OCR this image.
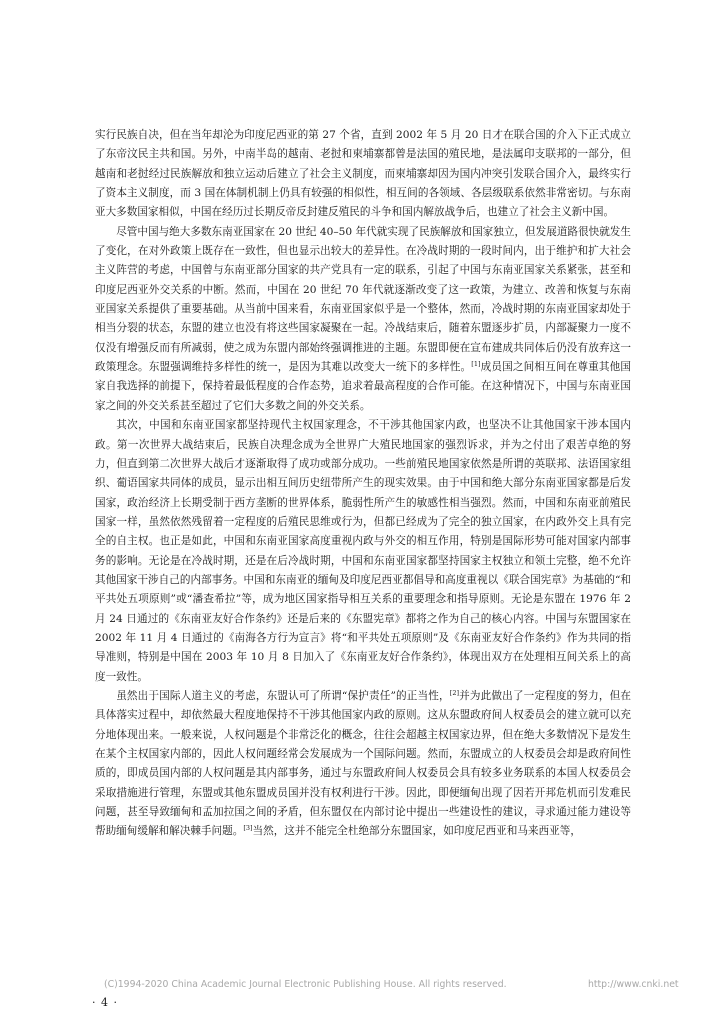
实行民族自决，但在当年却沦为印度尼西亚的第 27 个省，直到 2002 年 5 月 20 日才在联合国的介入下正式成立了东帝汶民主共和国。另外，中南半岛的越南、老挝和柬埔寨都曾是法国的殖民地，是法属印支联邦的一部分，但越南和老挝经过民族解放和独立运动后建立了社会主义制度，而柬埔寨却因为国内冲突引发联合国介入，最终实行了资本主义制度，而 3 国在体制机制上仍具有较强的相似性，相互间的各领域、各层级联系依然非常密切。与东南亚大多数国家相似，中国在经历过长期反帝反封建反殖民的斗争和国内解放战争后，也建立了社会主义新中国。

尽管中国与绝大多数东南亚国家在 20 世纪 40–50 年代就实现了民族解放和国家独立，但发展道路很快就发生了变化，在对外政策上既存在一致性，但也显示出较大的差异性。在冷战时期的一段时间内，出于维护和扩大社会主义阵营的考虑，中国曾与东南亚部分国家的共产党具有一定的联系，引起了中国与东南亚国家关系紧张，甚至和印度尼西亚外交关系的中断。然而，中国在 20 世纪 70 年代就逐渐改变了这一政策，为建立、改善和恢复与东南亚国家关系提供了重要基础。从当前中国来看，东南亚国家似乎是一个整体，然而，冷战时期的东南亚国家却处于相当分裂的状态，东盟的建立也没有将这些国家凝聚在一起。冷战结束后，随着东盟逐步扩员，内部凝聚力一度不仅没有增强反而有所减弱，使之成为东盟内部始终强调推进的主题。东盟即便在宣布建成共同体后仍没有放弃这一政策理念。东盟强调维持多样性的统一，是因为其难以改变大一统下的多样性。[1]成员国之间相互间在尊重其他国家自我选择的前提下，保持着最低程度的合作态势，追求着最高程度的合作可能。在这种情况下，中国与东南亚国家之间的外交关系甚至超过了它们大多数之间的外交关系。

其次，中国和东南亚国家都坚持现代主权国家理念，不干涉其他国家内政，也坚决不让其他国家干涉本国内政。第一次世界大战结束后，民族自决理念成为全世界广大殖民地国家的强烈诉求，并为之付出了艰苦卓绝的努力，但直到第二次世界大战后才逐渐取得了成功或部分成功。一些前殖民地国家依然是所谓的英联邦、法语国家组织、葡语国家共同体的成员，显示出相互间历史纽带所产生的现实效果。由于中国和绝大部分东南亚国家都是后发国家，政治经济上长期受制于西方垄断的世界体系，脆弱性所产生的敏感性相当强烈。然而，中国和东南亚前殖民国家一样，虽然依然残留着一定程度的后殖民思维或行为，但都已经成为了完全的独立国家，在内政外交上具有完全的自主权。也正是如此，中国和东南亚国家高度重视内政与外交的相互作用，特别是国际形势可能对国家内部事务的影响。无论是在冷战时期，还是在后冷战时期，中国和东南亚国家都坚持国家主权独立和领土完整，绝不允许其他国家干涉自己的内部事务。中国和东南亚的缅甸及印度尼西亚都倡导和高度重视以《联合国宪章》为基础的“和平共处五项原则”或“潘查希拉”等，成为地区国家指导相互关系的重要理念和指导原则。无论是东盟在 1976 年 2 月 24 日通过的《东南亚友好合作条约》还是后来的《东盟宪章》都将之作为自己的核心内容。中国与东盟国家在 2002 年 11 月 4 日通过的《南海各方行为宣言》将“和平共处五项原则”及《东南亚友好合作条约》作为共同的指导准则，特别是中国在 2003 年 10 月 8 日加入了《东南亚友好合作条约》，体现出双方在处理相互间关系上的高度一致性。

虽然出于国际人道主义的考虑，东盟认可了所谓“保护责任”的正当性，[2]并为此做出了一定程度的努力，但在具体落实过程中，却依然最大程度地保持不干涉其他国家内政的原则。这从东盟政府间人权委员会的建立就可以充分地体现出来。一般来说，人权问题是个非常泛化的概念，往往会超越主权国家边界，但在绝大多数情况下是发生在某个主权国家内部的，因此人权问题经常会发展成为一个国际问题。然而，东盟成立的人权委员会却是政府间性质的，即成员国内部的人权问题是其内部事务，通过与东盟政府间人权委员会具有较多业务联系的本国人权委员会采取措施进行管理，东盟或其他东盟成员国并没有权利进行干涉。因此，即便缅甸出现了因若开邦危机而引发难民问题，甚至导致缅甸和孟加拉国之间的矛盾，但东盟仅在内部讨论中提出一些建设性的建议，寻求通过能力建设等帮助缅甸缓解和解决棘手问题。[3]当然，这并不能完全杜绝部分东盟国家，如印度尼西亚和马来西亚等，

(C)1994-2020 China Academic Journal Electronic Publishing House. All rights reserved.	http://www.cnki.net
· 4 ·
